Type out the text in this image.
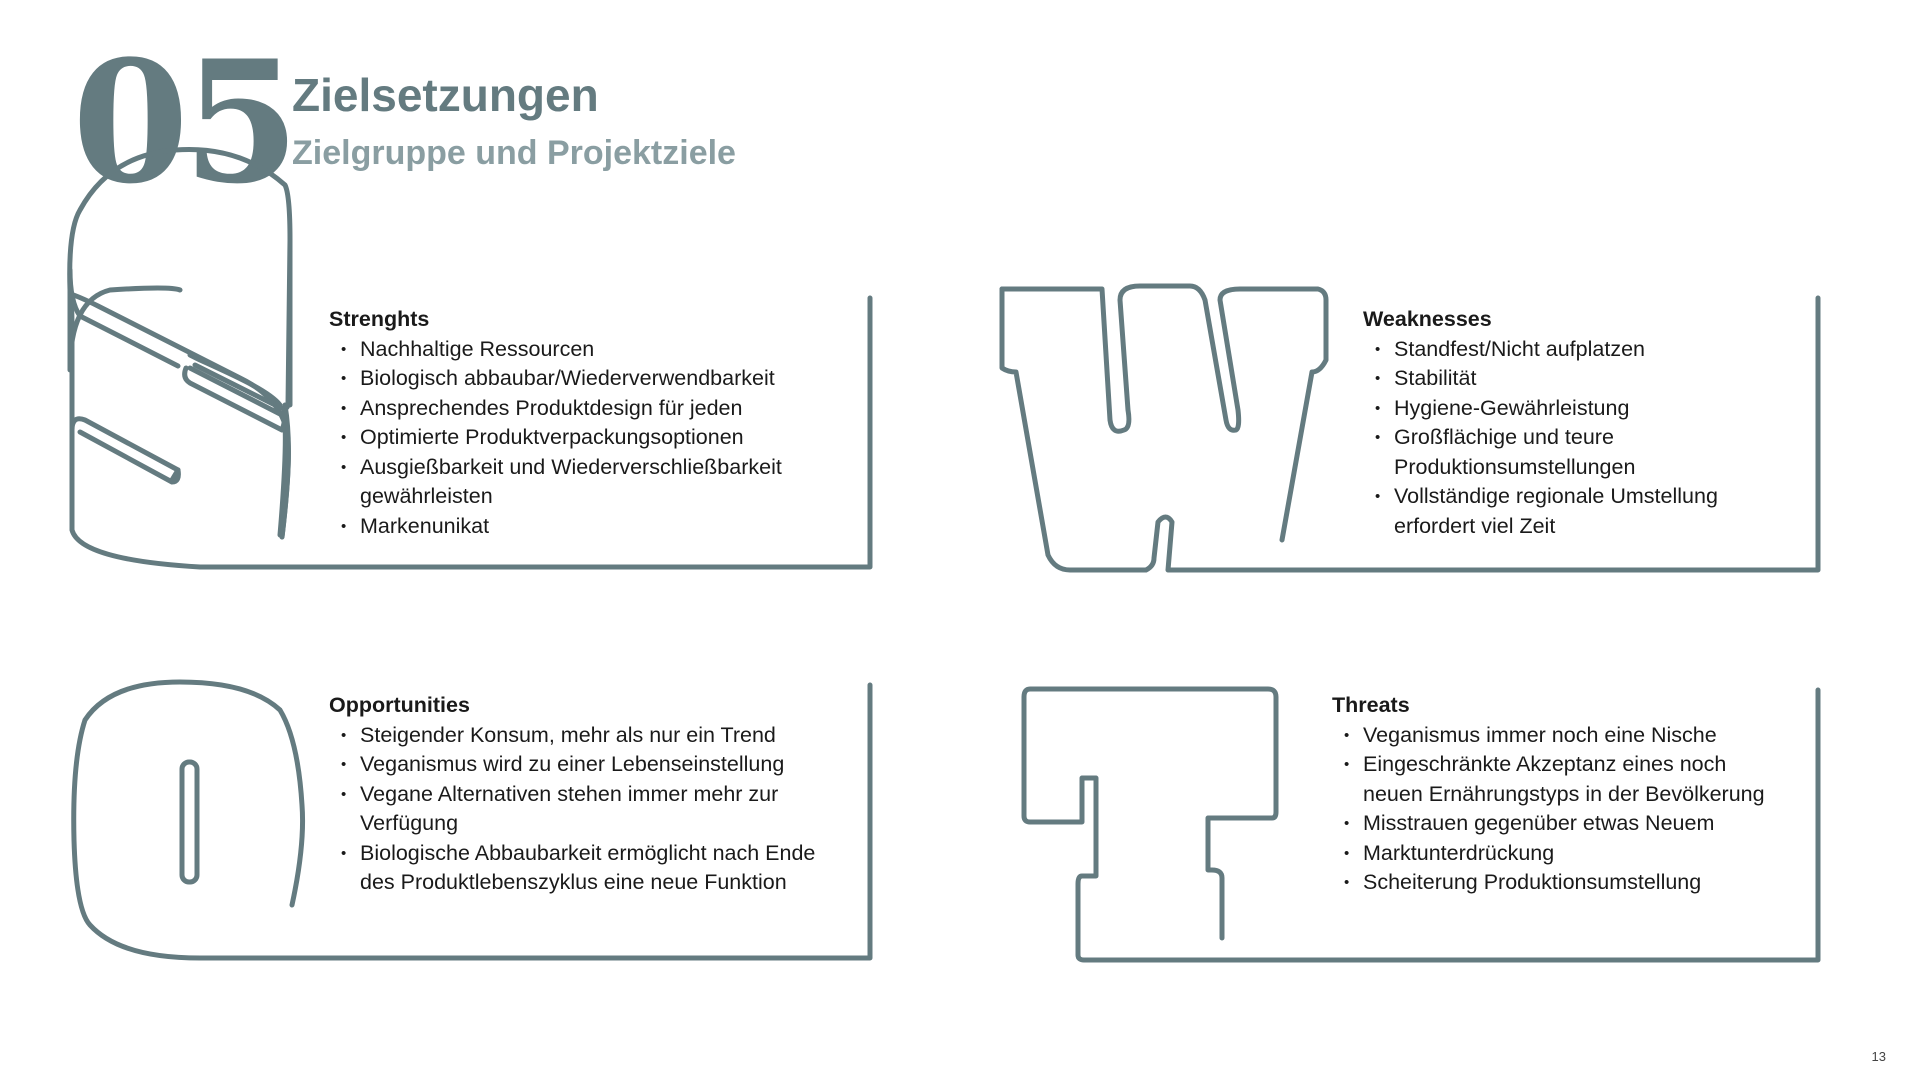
05
Zielsetzungen
Zielgruppe und Projektziele

Strenghts

• Nachhaltige Ressourcen
• Biologisch abbaubar/Wiederverwendbarkeit
• Ansprechendes Produktdesign für jeden
• Optimierte Produktverpackungsoptionen
• Ausgießbarkeit und Wiederverschließbarkeit gewährleisten
• Markenunikat

Weaknesses

• Standfest/Nicht aufplatzen
• Stabilität
• Hygiene-Gewährleistung
• Großflächige und teure Produktionsumstellungen
• Vollständige regionale Umstellung erfordert viel Zeit

Opportunities

• Steigender Konsum, mehr als nur ein Trend
• Veganismus wird zu einer Lebenseinstellung
• Vegane Alternativen stehen immer mehr zur Verfügung
• Biologische Abbaubarkeit ermöglicht nach Ende des Produktlebenszyklus eine neue Funktion

Threats

• Veganismus immer noch eine Nische
• Eingeschränkte Akzeptanz eines noch neuen Ernährungstyps in der Bevölkerung
• Misstrauen gegenüber etwas Neuem
• Marktunterdrückung
• Scheiterung Produktionsumstellung
13
